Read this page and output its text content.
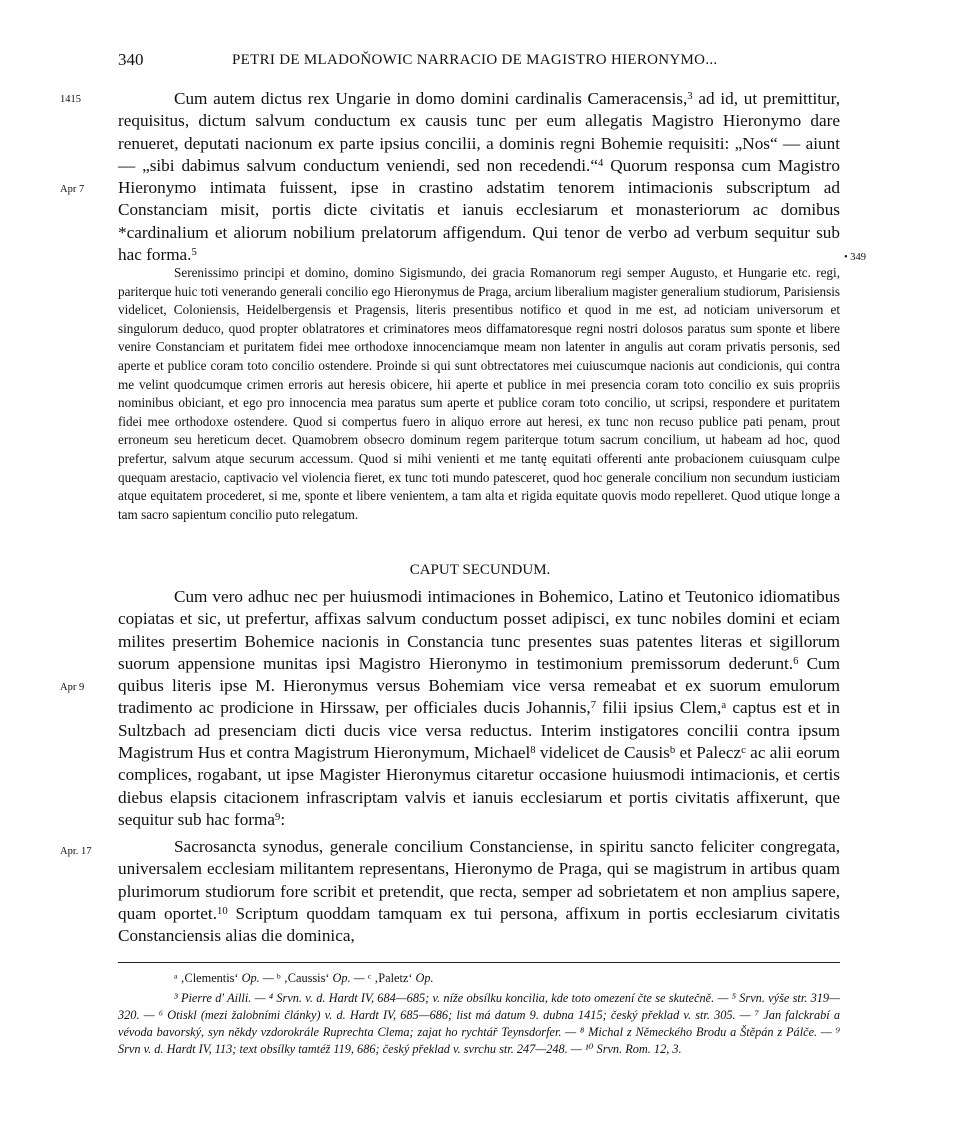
340	PETRI DE MLADOŇOWIC NARRACIO DE MAGISTRO HIERONYMO...
1415
Apr 7
• 349
Apr 9
Apr. 17

Cum autem dictus rex Ungarie in domo domini cardinalis Cameracensis,$^3$ ad id, ut premittitur, requisitus, dictum salvum conductum ex causis tunc per eum allegatis Magistro Hieronymo dare renueret, deputati nacionum ex parte ipsius concilii, a dominis regni Bohemie requisiti: „Nos“ — aiunt — „sibi dabimus salvum conductum veniendi, sed non recedendi.“$^4$ Quorum responsa cum Magistro Hieronymo intimata fuissent, ipse in crastino adstatim tenorem intimacionis subscriptum ad Constanciam misit, portis dicte civitatis et ianuis ecclesiarum et monasteriorum ac domibus *cardinalium et aliorum nobilium prelatorum affigendum. Qui tenor de verbo ad verbum sequitur sub hac forma.$^5$

Serenissimo principi et domino, domino Sigismundo, dei gracia Romanorum regi semper Augusto, et Hungarie etc. regi, pariterque huic toti venerando generali concilio ego Hieronymus de Praga, arcium liberalium magister generalium studiorum, Parisiensis videlicet, Coloniensis, Heidelbergensis et Pragensis, literis presentibus notifico et quod in me est, ad noticiam universorum et singulorum deduco, quod propter oblatratores et criminatores meos diffamatoresque regni nostri dolosos paratus sum sponte et libere venire Constanciam et puritatem fidei mee orthodoxe innocenciamque meam non latenter in angulis aut coram privatis personis, sed aperte et publice coram toto concilio ostendere. Proinde si qui sunt obtrectatores mei cuiuscumque nacionis aut condicionis, qui contra me velint quodcumque crimen erroris aut heresis obicere, hii aperte et publice in mei presencia coram toto concilio ex suis propriis nominibus obiciant, et ego pro innocencia mea paratus sum aperte et publice coram toto concilio, ut scripsi, respondere et puritatem fidei mee orthodoxe ostendere. Quod si compertus fuero in aliquo errore aut heresi, ex tunc non recuso publice pati penam, prout erroneum seu hereticum decet. Quamobrem obsecro dominum regem pariterque totum sacrum concilium, ut habeam ad hoc, quod prefertur, salvum atque securum accessum. Quod si mihi venienti et me tantę equitati offerenti ante probacionem cuiusquam culpe quequam arestacio, captivacio vel violencia fieret, ex tunc toti mundo patesceret, quod hoc generale concilium non secundum iusticiam atque equitatem procederet, si me, sponte et libere venientem, a tam alta et rigida equitate quovis modo repelleret. Quod utique longe a tam sacro sapientum concilio puto relegatum.

CAPUT SECUNDUM.

Cum vero adhuc nec per huiusmodi intimaciones in Bohemico, Latino et Teutonico idiomatibus copiatas et sic, ut prefertur, affixas salvum conductum posset adipisci, ex tunc nobiles domini et eciam milites presertim Bohemice nacionis in Constancia tunc presentes suas patentes literas et sigillorum suorum appensione munitas ipsi Magistro Hieronymo in testimonium premissorum dederunt.$^6$ Cum quibus literis ipse M. Hieronymus versus Bohemiam vice versa remeabat et ex suorum emulorum tradimento ac prodicione in Hirssaw, per officiales ducis Johannis,$^7$ filii ipsius Clem,$^a$ captus est et in Sultzbach ad presenciam dicti ducis vice versa reductus. Interim instigatores concilii contra ipsum Magistrum Hus et contra Magistrum Hieronymum, Michael$^8$ videlicet de Causis$^b$ et Palecz$^c$ ac alii eorum complices, rogabant, ut ipse Magister Hieronymus citaretur occasione huiusmodi intimacionis, et certis diebus elapsis citacionem infrascriptam valvis et ianuis ecclesiarum et portis civitatis affixerunt, que sequitur sub hac forma$^9$:

Sacrosancta synodus, generale concilium Constanciense, in spiritu sancto feliciter congregata, universalem ecclesiam militantem representans, Hieronymo de Praga, qui se magistrum in artibus quam plurimorum studiorum fore scribit et pretendit, que recta, semper ad sobrietatem et non amplius sapere, quam oportet.$^{10}$ Scriptum quoddam tamquam ex tui persona, affixum in portis ecclesiarum civitatis Constanciensis alias die dominica,

$^a$ ‚Clementis‘ Op. — $^b$ ‚Caussis‘ Op. — $^c$ ‚Paletz‘ Op.

³ Pierre d' Ailli. — ⁴ Srvn. v. d. Hardt IV, 684—685; v. níže obsílku koncilia, kde toto omezení čte se skutečně. — ⁵ Srvn. výše str. 319—320. — ⁶ Otiskl (mezi žalobními články) v. d. Hardt IV, 685—686; list má datum 9. dubna 1415; český překlad v. str. 305. — ⁷ Jan falckrabí a vévoda bavorský, syn někdy vzdorokrále Ruprechta Clema; zajat ho rychtář Teynsdorfer. — ⁸ Michal z Německého Brodu a Štěpán z Pálče. — ⁹ Srvn v. d. Hardt IV, 113; text obsílky tamtéž 119, 686; český překlad v. svrchu str. 247—248. — ¹⁰ Srvn. Rom. 12, 3.
